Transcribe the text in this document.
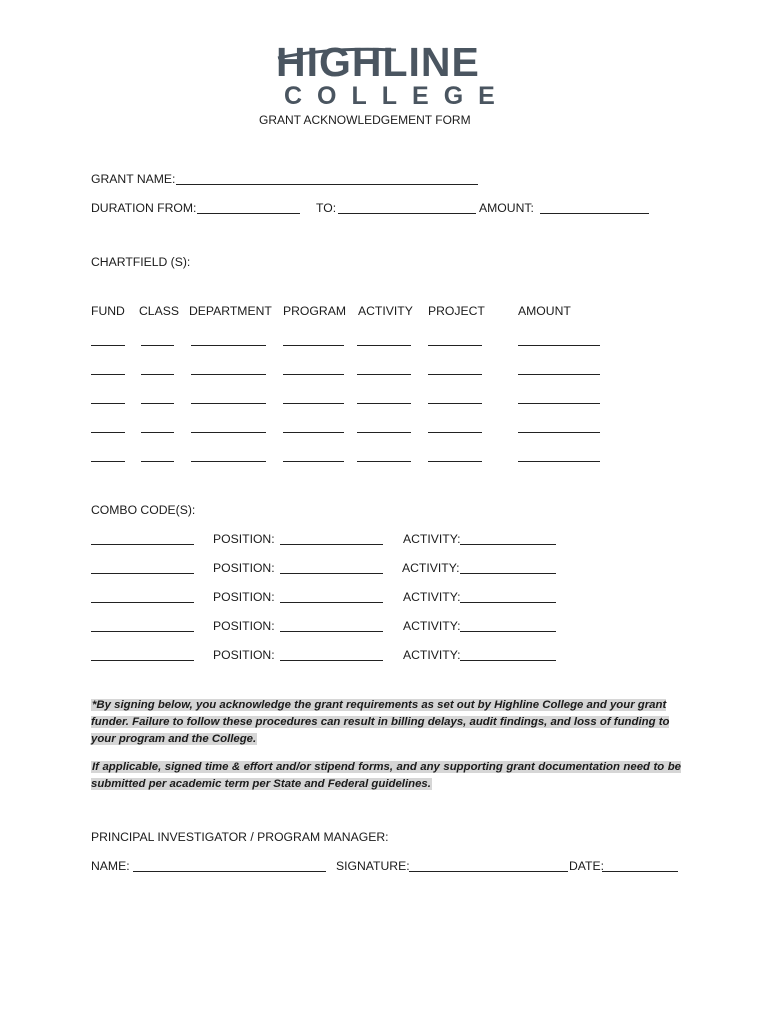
HIGHLINE
COLLEGE
GRANT ACKNOWLEDGEMENT FORM
GRANT NAME:
DURATION FROM:	TO:	AMOUNT:
CHARTFIELD (S):
FUND CLASS DEPARTMENT PROGRAM ACTIVITY PROJECT	AMOUNT
COMBO CODE(S):
POSITION:	ACTIVITY:
POSITION:	ACTIVITY:
POSITION:	ACTIVITY:
POSITION:	ACTIVITY:
POSITION:	ACTIVITY:
*By signing below, you acknowledge the grant requirements as set out by Highline College and your grant funder. Failure to follow these procedures can result in billing delays, audit findings, and loss of funding to your program and the College.
If applicable, signed time & effort and/or stipend forms, and any supporting grant documentation need to be submitted per academic term per State and Federal guidelines.
PRINCIPAL INVESTIGATOR / PROGRAM MANAGER:
NAME:	SIGNATURE:	DATE:
